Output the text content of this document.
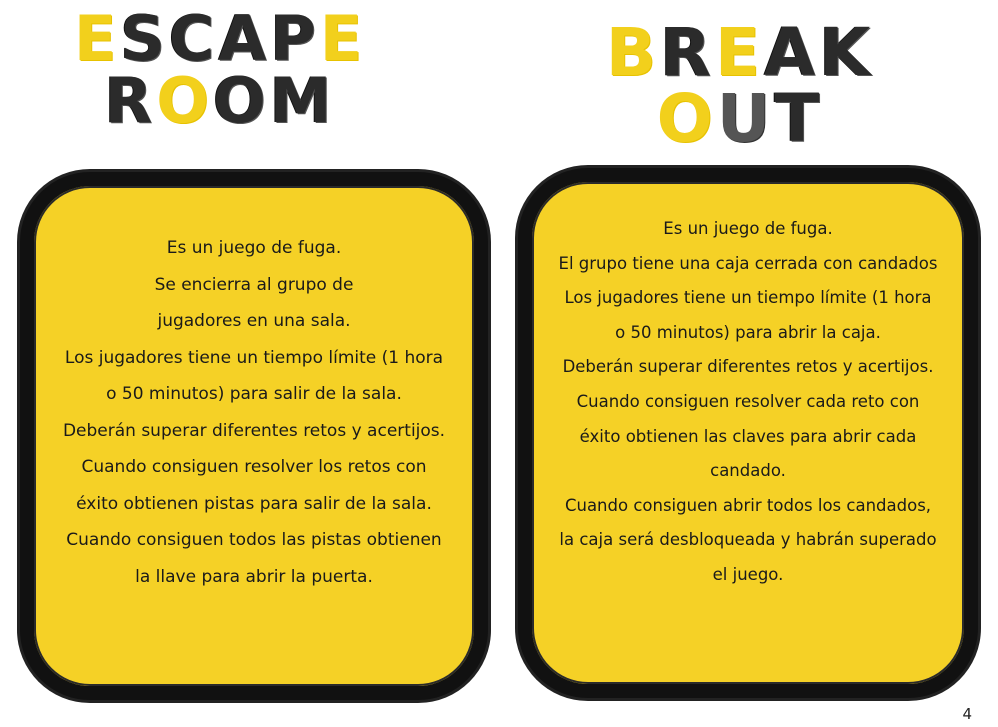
ESCAPE
ROOM
BREAK
OUT
Es un juego de fuga.
Se encierra al grupo de
jugadores en una sala.
Los jugadores tiene un tiempo límite (1 hora
o 50 minutos) para salir de la sala.
Deberán superar diferentes retos y acertijos.
Cuando consiguen resolver los retos con
éxito obtienen pistas para salir de la sala.
Cuando consiguen todos las pistas obtienen
la llave para abrir la puerta.
Es un juego de fuga.
El grupo tiene una caja cerrada con candados
Los jugadores tiene un tiempo límite (1 hora
o 50 minutos) para abrir la caja.
Deberán superar diferentes retos y acertijos.
Cuando consiguen resolver cada reto con
éxito obtienen las claves para abrir cada
candado.
Cuando consiguen abrir todos los candados,
la caja será desbloqueada y habrán superado
el juego.
4
